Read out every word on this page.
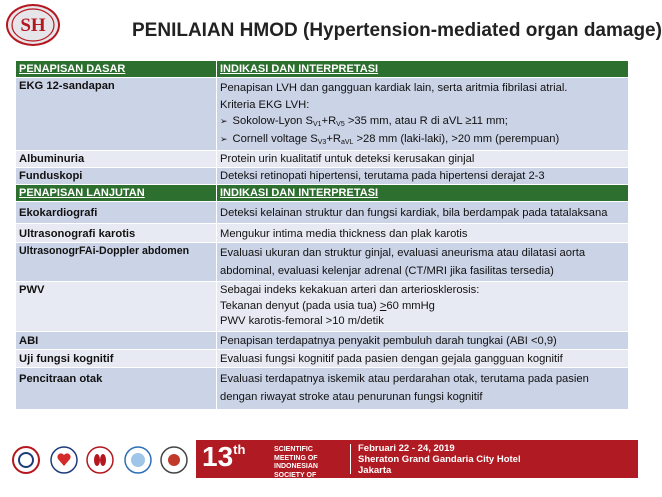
SH	PENILAIAN HMOD (Hypertension-mediated organ damage)
PENAPISAN DASAR	INDIKASI DAN INTERPRETASI
EKG 12-sandapan	Penapisan LVH dan gangguan kardiak lain, serta aritmia fibrilasi atrial.
Kriteria EKG LVH:
➢ Sokolow-Lyon $S_{V1}+R_{V5} >35$ mm, atau R di aVL ≥11 mm;
➢ Cornell voltage $S_{V3}+R_{aVL} >28$ mm (laki-laki), >20 mm (perempuan)

Albuminuria	Protein urin kualitatif untuk deteksi kerusakan ginjal
Funduskopi	Deteksi retinopati hipertensi, terutama pada hipertensi derajat 2-3
PENAPISAN LANJUTAN	INDIKASI DAN INTERPRETASI
Ekokardiografi	Deteksi kelainan struktur dan fungsi kardiak, bila berdampak pada tatalaksana
Ultrasonografi karotis	Mengukur intima media thickness dan plak karotis
UltrasonogrFAi-Doppler abdomen	Evaluasi ukuran dan struktur ginjal, evaluasi aneurisma atau dilatasi aorta
abdominal, evaluasi kelenjar adrenal (CT/MRI jika fasilitas tersedia)

PWV	Sebagai indeks kekakuan arteri dan arteriosklerosis:
Tekanan denyut (pada usia tua) >60 mmHg
PWV karotis-femoral >10 m/detik

ABI	Penapisan terdapatnya penyakit pembuluh darah tungkai (ABI <0,9)
Uji fungsi kognitif	Evaluasi fungsi kognitif pada pasien dengan gejala gangguan kognitif
Pencitraan otak	Evaluasi terdapatnya iskemik atau perdarahan otak, terutama pada pasien
dengan riwayat stroke atau penurunan fungsi kognitif
13th	SCIENTIFIC MEETING OF
INDONESIAN SOCIETY OF
HYPERTENSION 2019
Februari 22 - 24, 2019
Sheraton Grand Gandaria City Hotel
Jakarta
